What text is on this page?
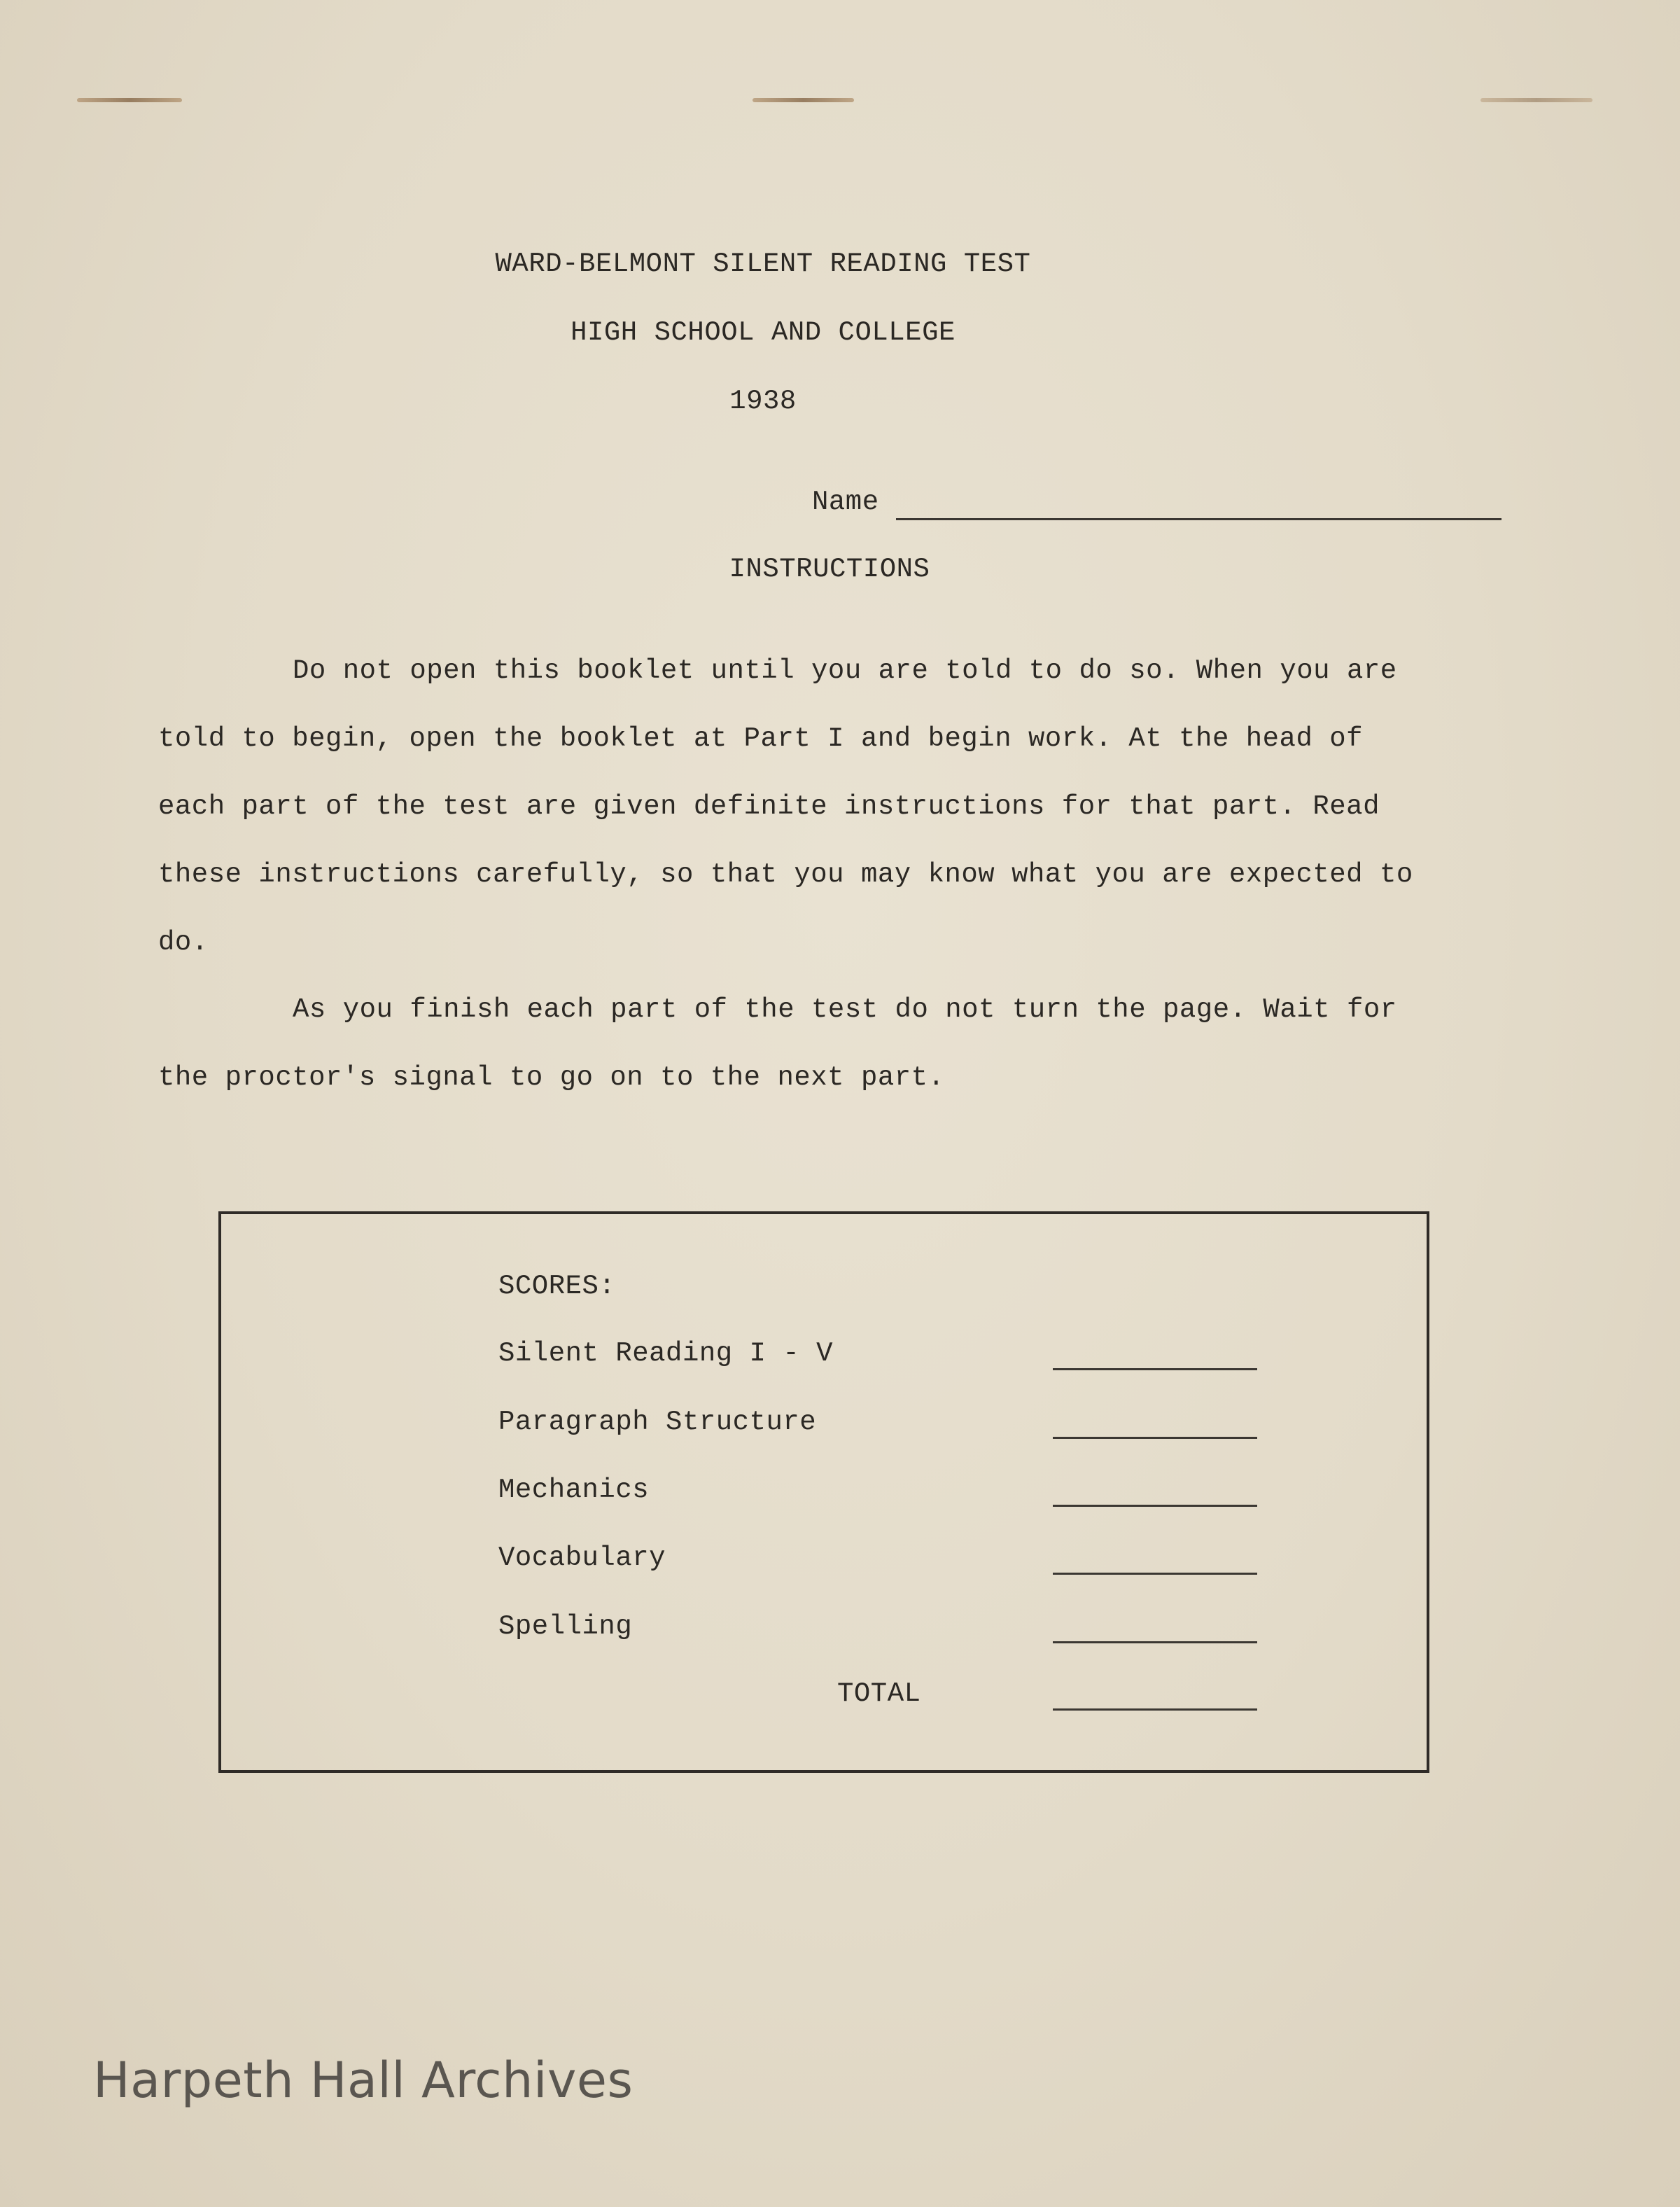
WARD-BELMONT SILENT READING TEST
HIGH SCHOOL AND COLLEGE
1938
Name
INSTRUCTIONS
Do not open this booklet until you are told to do so. When you are told to begin, open the booklet at Part I and begin work. At the head of each part of the test are given definite instructions for that part. Read these instructions carefully, so that you may know what you are expected to do.
As you finish each part of the test do not turn the page. Wait for the proctor's signal to go on to the next part.
SCORES:
Silent Reading I - V
Paragraph Structure
Mechanics
Vocabulary
Spelling
TOTAL
Harpeth Hall Archives
